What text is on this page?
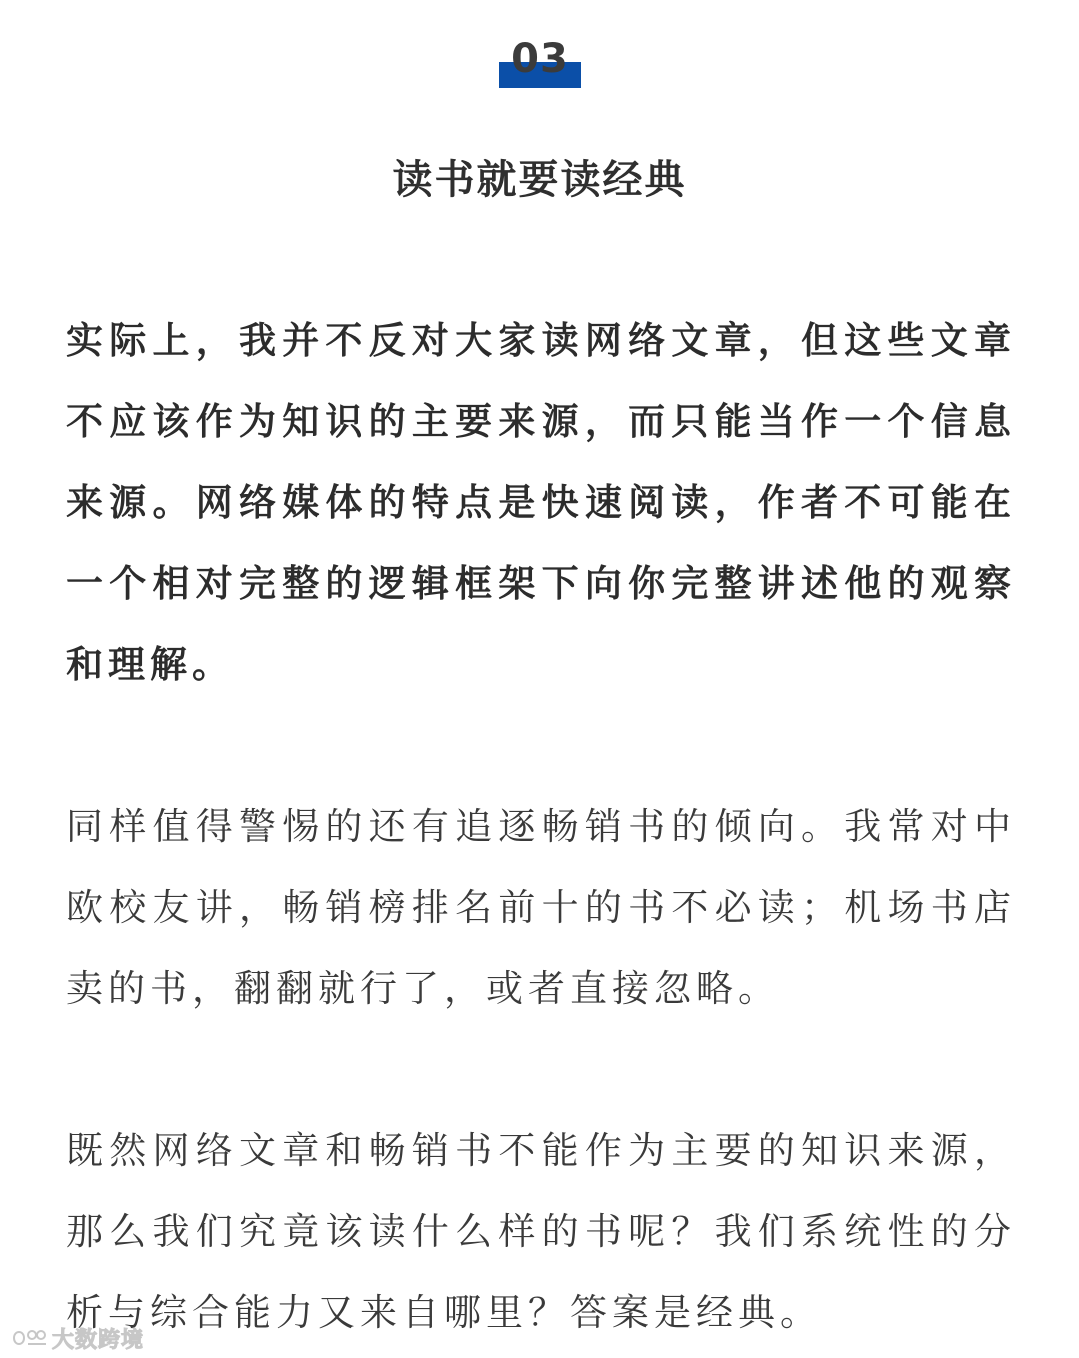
03
读书就要读经典

实际上，我并不反对大家读网络文章，但这些文章不应该作为知识的主要来源，而只能当作一个信息来源。网络媒体的特点是快速阅读，作者不可能在一个相对完整的逻辑框架下向你完整讲述他的观察和理解。

同样值得警惕的还有追逐畅销书的倾向。我常对中欧校友讲，畅销榜排名前十的书不必读；机场书店卖的书，翻翻就行了，或者直接忽略。

既然网络文章和畅销书不能作为主要的知识来源，那么我们究竟该读什么样的书呢？我们系统性的分析与综合能力又来自哪里？答案是经典。

大数跨境
